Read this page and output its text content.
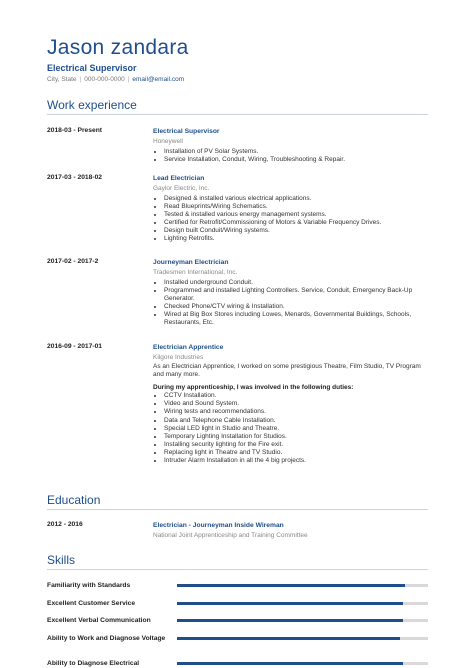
Jason zandara
Electrical Supervisor
City, State | 000-000-0000 | email@email.com
Work experience
2018-03 - Present	Electrical Supervisor
Honeywell
• Installation of PV Solar Systems.
• Service Installation, Conduit, Wiring, Troubleshooting & Repair.
2017-03 - 2018-02	Lead Electrician
Gaylor Electric, Inc.
• Designed & installed various electrical applications.
• Read Blueprints/Wiring Schematics.
• Tested & installed various energy management systems.
• Certified for Retrofit/Commissioning of Motors & Variable Frequency Drives.
• Design built Conduit/Wiring systems.
• Lighting Retrofits.
2017-02 - 2017-2	Journeyman Electrician
Tradesmen International, Inc.
• Installed underground Conduit.
• Programmed and installed Lighting Controllers. Service, Conduit, Emergency Back-Up Generator.
• Checked Phone/CTV wiring & Installation.
• Wired at Big Box Stores including Lowes, Menards, Governmental Buildings, Schools, Restaurants, Etc.
2016-09 - 2017-01	Electrician Apprentice
Kilgore Industries
As an Electrician Apprentice, I worked on some prestigious Theatre, Film Studio, TV Program and many more.
During my apprenticeship, I was involved in the following duties:
• CCTV Installation.
• Video and Sound System.
• Wiring tests and recommendations.
• Data and Telephone Cable Installation.
• Special LED light in Studio and Theatre.
• Temporary Lighting Installation for Studios.
• Installing security lighting for the Fire exit.
• Replacing light in Theatre and TV Studio.
• Intruder Alarm Installation in all the 4 big projects.
Education
2012 - 2016	Electrician - Journeyman Inside Wireman
National Joint Apprenticeship and Training Committee
Skills
Familiarity with Standards
Excellent Customer Service
Excellent Verbal Communication
Ability to Work and Diagnose Voltage
Ability to Diagnose Electrical
